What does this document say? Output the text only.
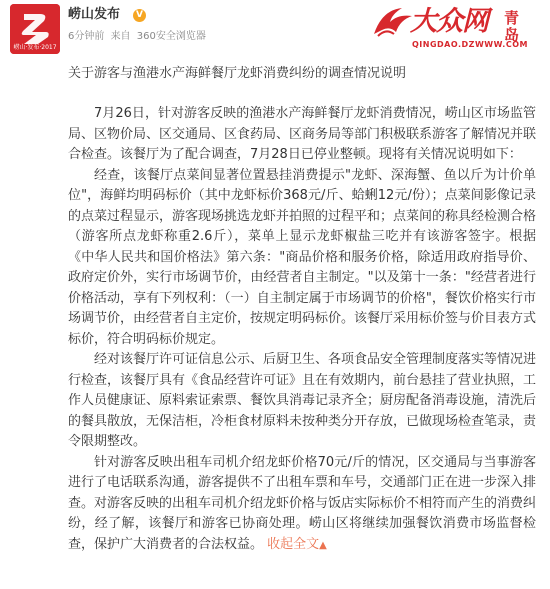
崂山·发布·2017
崂山发布	V
6分钟前 来自 360安全浏览器	大众网 青岛
QINGDAO.DZWWW.COM
关于游客与渔港水产海鲜餐厅龙虾消费纠纷的调查情况说明

7月26日，针对游客反映的渔港水产海鲜餐厅龙虾消费情况，崂山区市场监管局、区物价局、区交通局、区食药局、区商务局等部门积极联系游客了解情况并联合检查。该餐厅为了配合调查，7月28日已停业整顿。现将有关情况说明如下：

经查，该餐厅点菜间显著位置悬挂消费提示"龙虾、深海蟹、鱼以斤为计价单位"，海鲜均明码标价（其中龙虾标价368元/斤、蛤蜊12元/份）；点菜间影像记录的点菜过程显示，游客现场挑选龙虾并拍照的过程平和；点菜间的称具经检测合格（游客所点龙虾称重2.6斤），菜单上显示龙虾椒盐三吃并有该游客签字。根据《中华人民共和国价格法》第六条："商品价格和服务价格，除适用政府指导价、政府定价外，实行市场调节价，由经营者自主制定。"以及第十一条："经营者进行价格活动，享有下列权利：（一）自主制定属于市场调节的价格"，餐饮价格实行市场调节价，由经营者自主定价，按规定明码标价。该餐厅采用标价签与价目表方式标价，符合明码标价规定。

经对该餐厅许可证信息公示、后厨卫生、各项食品安全管理制度落实等情况进行检查，该餐厅具有《食品经营许可证》且在有效期内，前台悬挂了营业执照，工作人员健康证、原料索证索票、餐饮具消毒记录齐全；厨房配备消毒设施，清洗后的餐具散放，无保洁柜，冷柜食材原料未按种类分开存放，已做现场检查笔录，责令限期整改。

针对游客反映出租车司机介绍龙虾价格70元/斤的情况，区交通局与当事游客进行了电话联系沟通，游客提供不了出租车票和车号，交通部门正在进一步深入排查。对游客反映的出租车司机介绍龙虾价格与饭店实际标价不相符而产生的消费纠纷，经了解，该餐厅和游客已协商处理。崂山区将继续加强餐饮消费市场监督检查，保护广大消费者的合法权益。 收起全文▲
